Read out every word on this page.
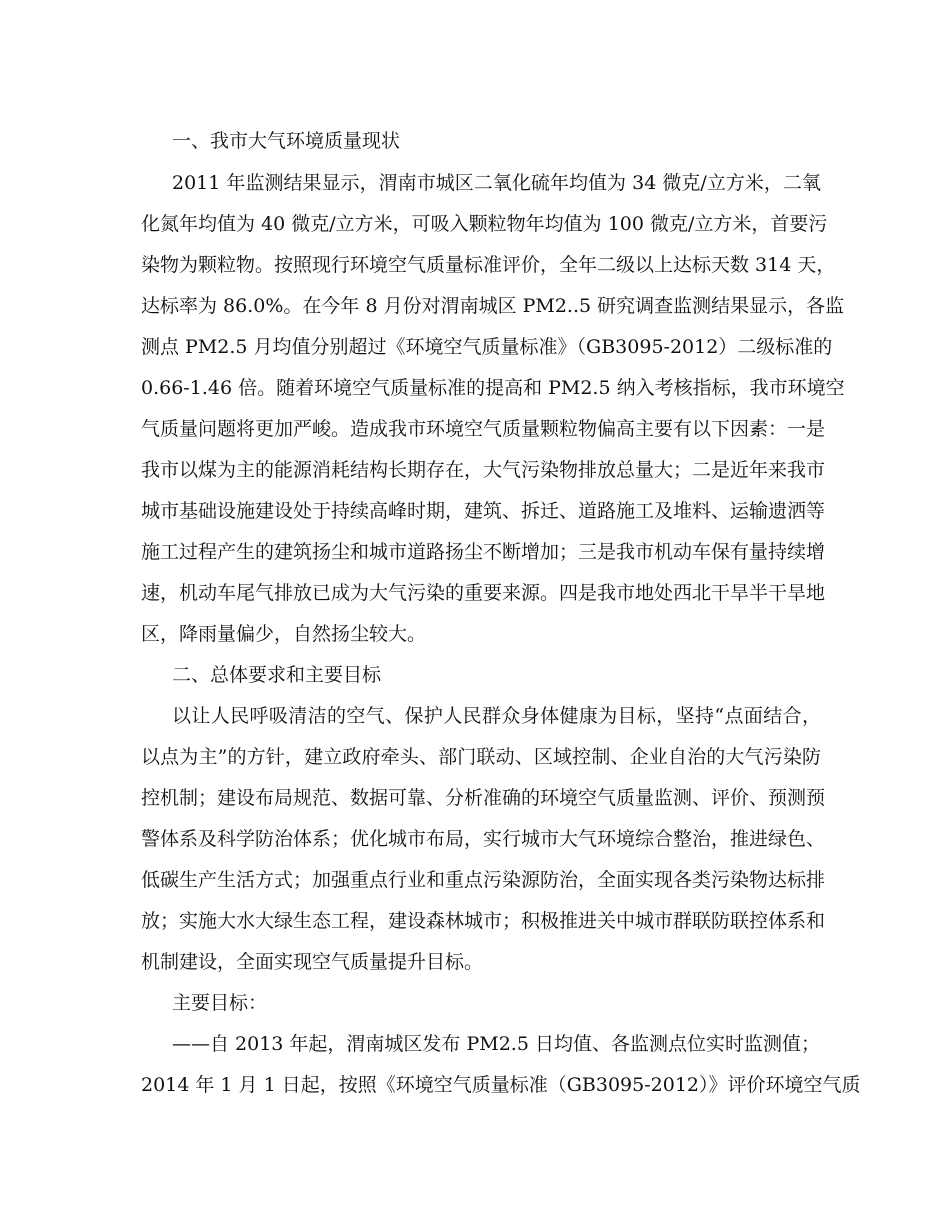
一、我市大气环境质量现状
2011 年监测结果显示，渭南市城区二氧化硫年均值为 34 微克/立方米，二氧
化氮年均值为 40 微克/立方米，可吸入颗粒物年均值为 100 微克/立方米，首要污
染物为颗粒物。按照现行环境空气质量标准评价，全年二级以上达标天数 314 天，
达标率为 86.0%。在今年 8 月份对渭南城区 PM2..5 研究调查监测结果显示，各监
测点 PM2.5 月均值分别超过《环境空气质量标准》（GB3095-2012）二级标准的
0.66-1.46 倍。随着环境空气质量标准的提高和 PM2.5 纳入考核指标，我市环境空
气质量问题将更加严峻。造成我市环境空气质量颗粒物偏高主要有以下因素：一是
我市以煤为主的能源消耗结构长期存在，大气污染物排放总量大；二是近年来我市
城市基础设施建设处于持续高峰时期，建筑、拆迁、道路施工及堆料、运输遗洒等
施工过程产生的建筑扬尘和城市道路扬尘不断增加；三是我市机动车保有量持续增
速，机动车尾气排放已成为大气污染的重要来源。四是我市地处西北干旱半干旱地
区，降雨量偏少，自然扬尘较大。
二、总体要求和主要目标
以让人民呼吸清洁的空气、保护人民群众身体健康为目标，坚持“点面结合，
以点为主”的方针，建立政府牵头、部门联动、区域控制、企业自治的大气污染防
控机制；建设布局规范、数据可靠、分析准确的环境空气质量监测、评价、预测预
警体系及科学防治体系；优化城市布局，实行城市大气环境综合整治，推进绿色、
低碳生产生活方式；加强重点行业和重点污染源防治，全面实现各类污染物达标排
放；实施大水大绿生态工程，建设森林城市；积极推进关中城市群联防联控体系和
机制建设，全面实现空气质量提升目标。
主要目标：
——自 2013 年起，渭南城区发布 PM2.5 日均值、各监测点位实时监测值；
2014 年 1 月 1 日起，按照《环境空气质量标准（GB3095-2012）》评价环境空气质
